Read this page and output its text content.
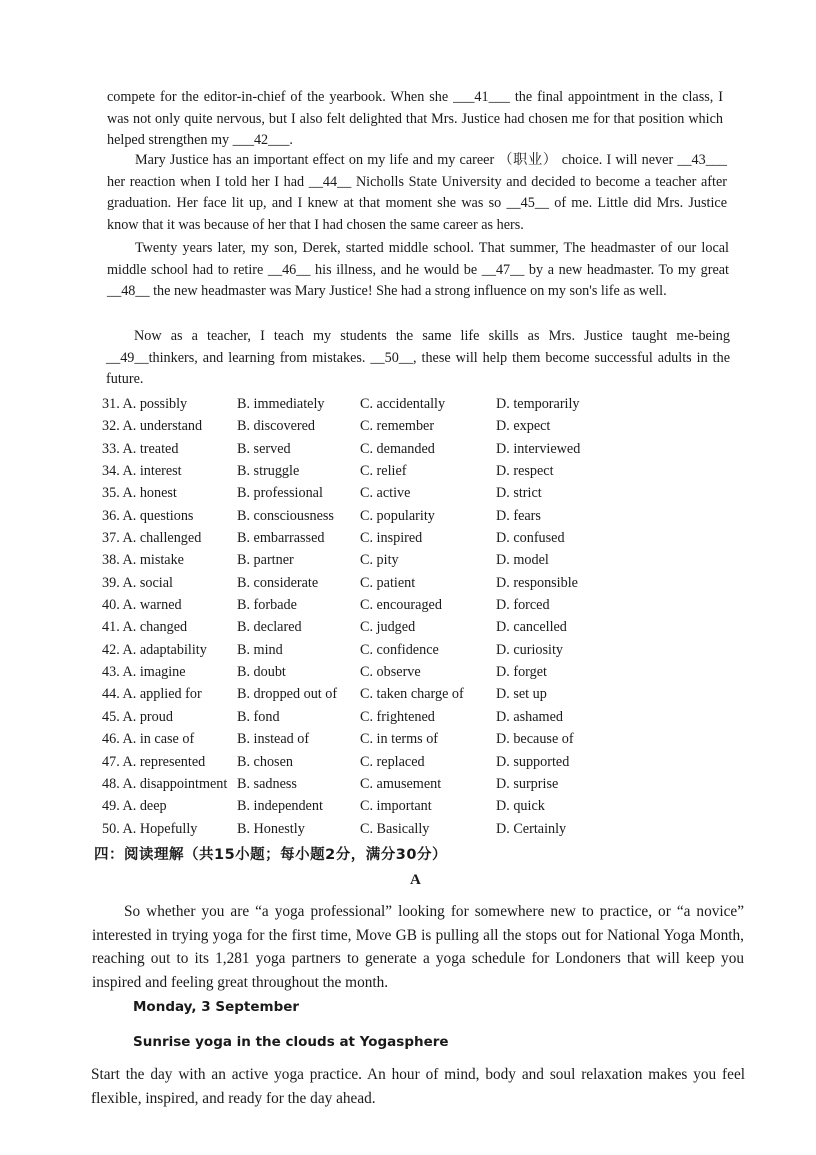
compete for the editor-in-chief of the yearbook. When she ___41___ the final appointment in the class, I was not only quite nervous, but I also felt delighted that Mrs. Justice had chosen me for that position which helped strengthen my ___42___.

Mary Justice has an important effect on my life and my career （职业） choice. I will never __43___ her reaction when I told her I had __44__ Nicholls State University and decided to become a teacher after graduation. Her face lit up, and I knew at that moment she was so __45__ of me. Little did Mrs. Justice know that it was because of her that I had chosen the same career as hers.

Twenty years later, my son, Derek, started middle school. That summer, The headmaster of our local middle school had to retire __46__ his illness, and he would be __47__ by a new headmaster. To my great __48__ the new headmaster was Mary Justice! She had a strong influence on my son's life as well.

Now as a teacher, I teach my students the same life skills as Mrs. Justice taught me-being __49__thinkers, and learning from mistakes. __50__, these will help them become successful adults in the future.

31. A. possibly	B. immediately	C. accidentally	D. temporarily
32. A. understand B. discovered	C. remember	D. expect
33. A. treated	B. served	C. demanded	D. interviewed
34. A. interest	B. struggle	C. relief	D. respect
35. A. honest	B. professional	C. active	D. strict
36. A. questions	B. consciousness C. popularity	D. fears
37. A. challenged	B. embarrassed	C. inspired	D. confused
38. A. mistake	B. partner	C. pity	D. model
39. A. social	B. considerate	C. patient	D. responsible
40. A. warned	B. forbade	C. encouraged	D. forced
41. A. changed	B. declared	C. judged	D. cancelled
42. A. adaptability B. mind	C. confidence	D. curiosity
43. A. imagine	B. doubt	C. observe	D. forget
44. A. applied for B. dropped out of C. taken charge of D. set up
45. A. proud	B. fond	C. frightened	D. ashamed
46. A. in case of	B. instead of	C. in terms of	D. because of
47. A. represented B. chosen	C. replaced	D. supported
48. A. disappointment B. sadness	C. amusement	D. surprise
49. A. deep	B. independent	C. important	D. quick
50. A. Hopefully	B. Honestly	C. Basically	D. Certainly
四：阅读理解（共15小题；每小题2分，满分30分）
A

So whether you are “a yoga professional” looking for somewhere new to practice, or “a novice” interested in trying yoga for the first time, Move GB is pulling all the stops out for National Yoga Month, reaching out to its 1,281 yoga partners to generate a yoga schedule for Londoners that will keep you inspired and feeling great throughout the month.

Monday, 3 September
Sunrise yoga in the clouds at Yogasphere

Start the day with an active yoga practice. An hour of mind, body and soul relaxation makes you feel flexible, inspired, and ready for the day ahead.
